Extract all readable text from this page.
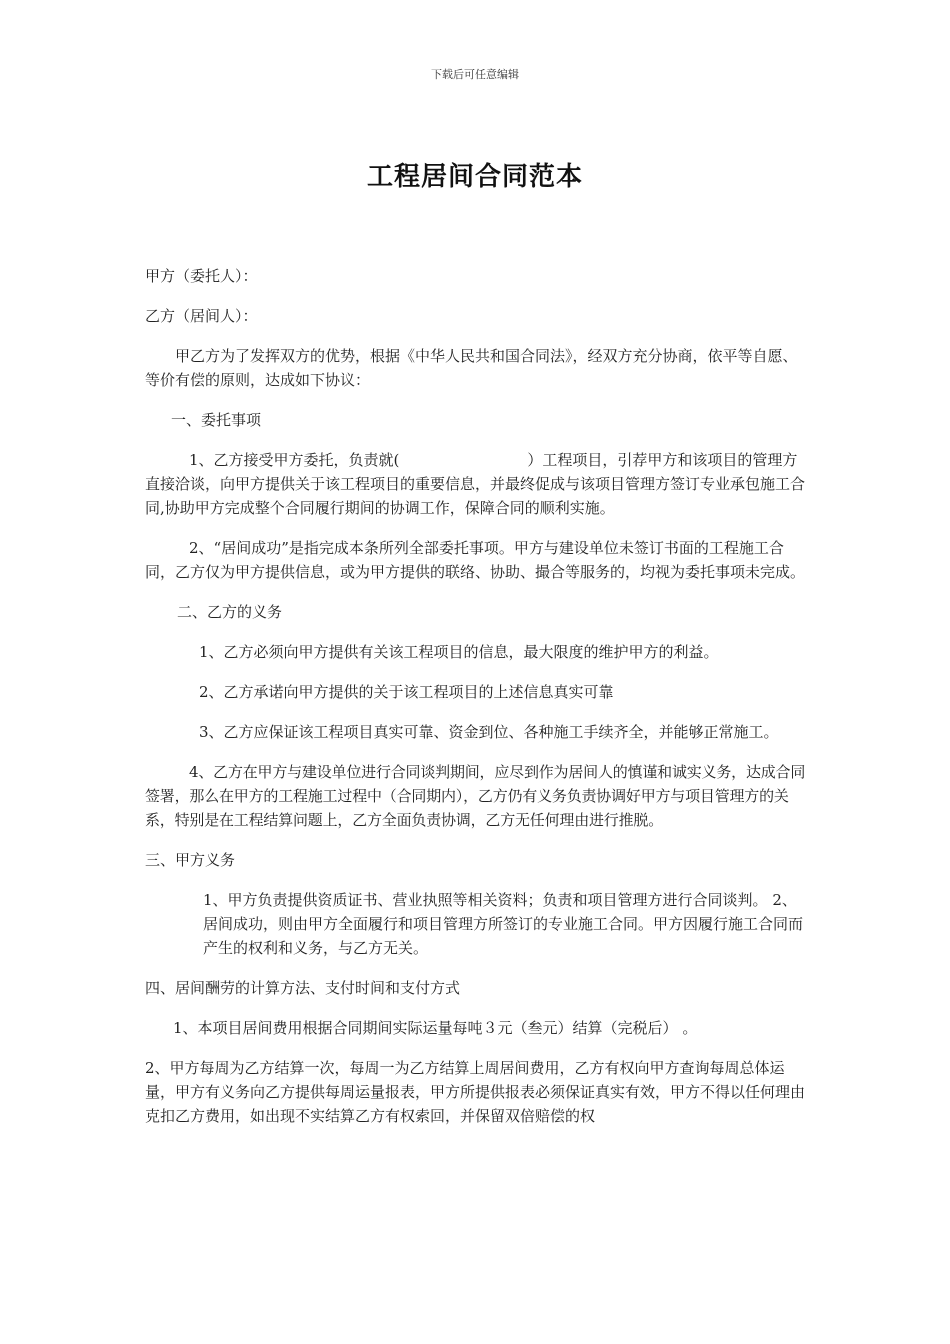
下载后可任意编辑
工程居间合同范本

甲方（委托人）：

乙方（居间人）：

甲乙方为了发挥双方的优势，根据《中华人民共和国合同法》，经双方充分协商，依平等自愿、等价有偿的原则，达成如下协议：

一、委托事项

1、乙方接受甲方委托，负责就(	）工程项目，引荐甲方和该项目的管理方直接洽谈，向甲方提供关于该工程项目的重要信息，并最终促成与该项目管理方签订专业承包施工合同,协助甲方完成整个合同履行期间的协调工作，保障合同的顺利实施。

2、“居间成功”是指完成本条所列全部委托事项。甲方与建设单位未签订书面的工程施工合同，乙方仅为甲方提供信息，或为甲方提供的联络、协助、撮合等服务的，均视为委托事项未完成。

二、乙方的义务

1、乙方必须向甲方提供有关该工程项目的信息，最大限度的维护甲方的利益。

2、乙方承诺向甲方提供的关于该工程项目的上述信息真实可靠

3、乙方应保证该工程项目真实可靠、资金到位、各种施工手续齐全，并能够正常施工。

4、乙方在甲方与建设单位进行合同谈判期间，应尽到作为居间人的慎谨和诚实义务，达成合同签署，那么在甲方的工程施工过程中（合同期内），乙方仍有义务负责协调好甲方与项目管理方的关系，特别是在工程结算问题上，乙方全面负责协调，乙方无任何理由进行推脱。

三、甲方义务

1、甲方负责提供资质证书、营业执照等相关资料；负责和项目管理方进行合同谈判。 2、居间成功，则由甲方全面履行和项目管理方所签订的专业施工合同。甲方因履行施工合同而产生的权利和义务，与乙方无关。

四、居间酬劳的计算方法、支付时间和支付方式

1、本项目居间费用根据合同期间实际运量每吨３元（叁元）结算（完税后） 。

2、甲方每周为乙方结算一次，每周一为乙方结算上周居间费用，乙方有权向甲方查询每周总体运量，甲方有义务向乙方提供每周运量报表，甲方所提供报表必须保证真实有效，甲方不得以任何理由克扣乙方费用，如出现不实结算乙方有权索回，并保留双倍赔偿的权
